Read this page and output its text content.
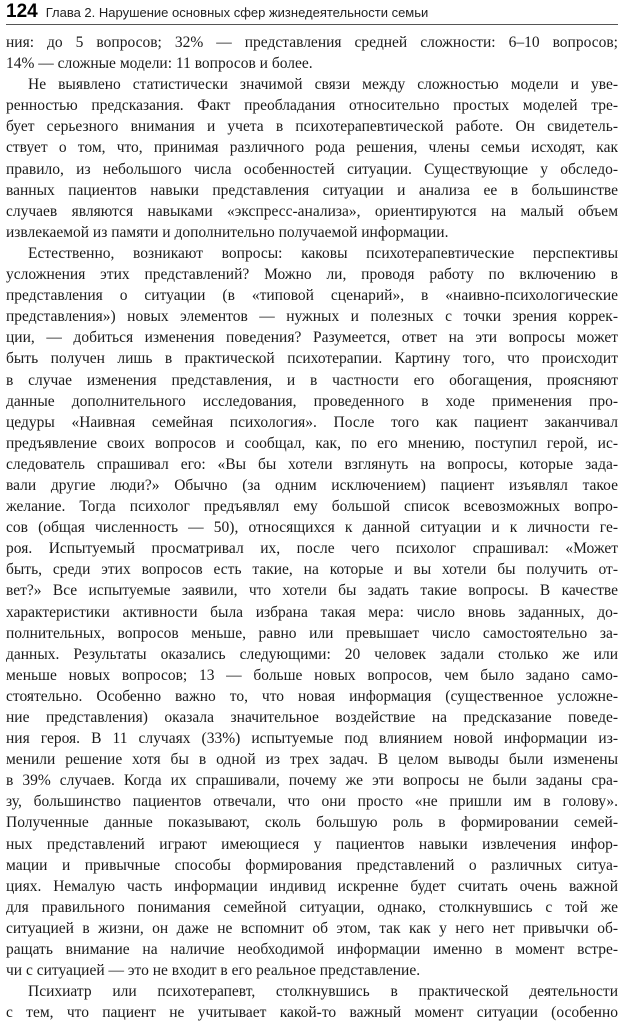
124 Глава 2. Нарушение основных сфер жизнедеятельности семьи
ния: до 5 вопросов; 32% — представления средней сложности: 6–10 вопросов;
14% — сложные модели: 11 вопросов и более.
Не выявлено статистически значимой связи между сложностью модели и уве-
ренностью предсказания. Факт преобладания относительно простых моделей тре-
бует серьезного внимания и учета в психотерапевтической работе. Он свидетель-
ствует о том, что, принимая различного рода решения, члены семьи исходят, как
правило, из небольшого числа особенностей ситуации. Существующие у обследо-
ванных пациентов навыки представления ситуации и анализа ее в большинстве
случаев являются навыками «экспресс-анализа», ориентируются на малый объем
извлекаемой из памяти и дополнительно получаемой информации.
Естественно, возникают вопросы: каковы психотерапевтические перспективы
усложнения этих представлений? Можно ли, проводя работу по включению в
представления о ситуации (в «типовой сценарий», в «наивно-психологические
представления») новых элементов — нужных и полезных с точки зрения коррек-
ции, — добиться изменения поведения? Разумеется, ответ на эти вопросы может
быть получен лишь в практической психотерапии. Картину того, что происходит
в случае изменения представления, и в частности его обогащения, проясняют
данные дополнительного исследования, проведенного в ходе применения про-
цедуры «Наивная семейная психология». После того как пациент заканчивал
предъявление своих вопросов и сообщал, как, по его мнению, поступил герой, ис-
следователь спрашивал его: «Вы бы хотели взглянуть на вопросы, которые зада-
вали другие люди?» Обычно (за одним исключением) пациент изъявлял такое
желание. Тогда психолог предъявлял ему большой список всевозможных вопро-
сов (общая численность — 50), относящихся к данной ситуации и к личности ге-
роя. Испытуемый просматривал их, после чего психолог спрашивал: «Может
быть, среди этих вопросов есть такие, на которые и вы хотели бы получить от-
вет?» Все испытуемые заявили, что хотели бы задать такие вопросы. В качестве
характеристики активности была избрана такая мера: число вновь заданных, до-
полнительных, вопросов меньше, равно или превышает число самостоятельно за-
данных. Результаты оказались следующими: 20 человек задали столько же или
меньше новых вопросов; 13 — больше новых вопросов, чем было задано само-
стоятельно. Особенно важно то, что новая информация (существенное усложне-
ние представления) оказала значительное воздействие на предсказание поведе-
ния героя. В 11 случаях (33%) испытуемые под влиянием новой информации из-
менили решение хотя бы в одной из трех задач. В целом выводы были изменены
в 39% случаев. Когда их спрашивали, почему же эти вопросы не были заданы сра-
зу, большинство пациентов отвечали, что они просто «не пришли им в голову».
Полученные данные показывают, сколь большую роль в формировании семей-
ных представлений играют имеющиеся у пациентов навыки извлечения инфор-
мации и привычные способы формирования представлений о различных ситуа-
циях. Немалую часть информации индивид искренне будет считать очень важной
для правильного понимания семейной ситуации, однако, столкнувшись с той же
ситуацией в жизни, он даже не вспомнит об этом, так как у него нет привычки об-
ращать внимание на наличие необходимой информации именно в момент встре-
чи с ситуацией — это не входит в его реальное представление.
Психиатр или психотерапевт, столкнувшись в практической деятельности
с тем, что пациент не учитывает какой-то важный момент ситуации (особенно
